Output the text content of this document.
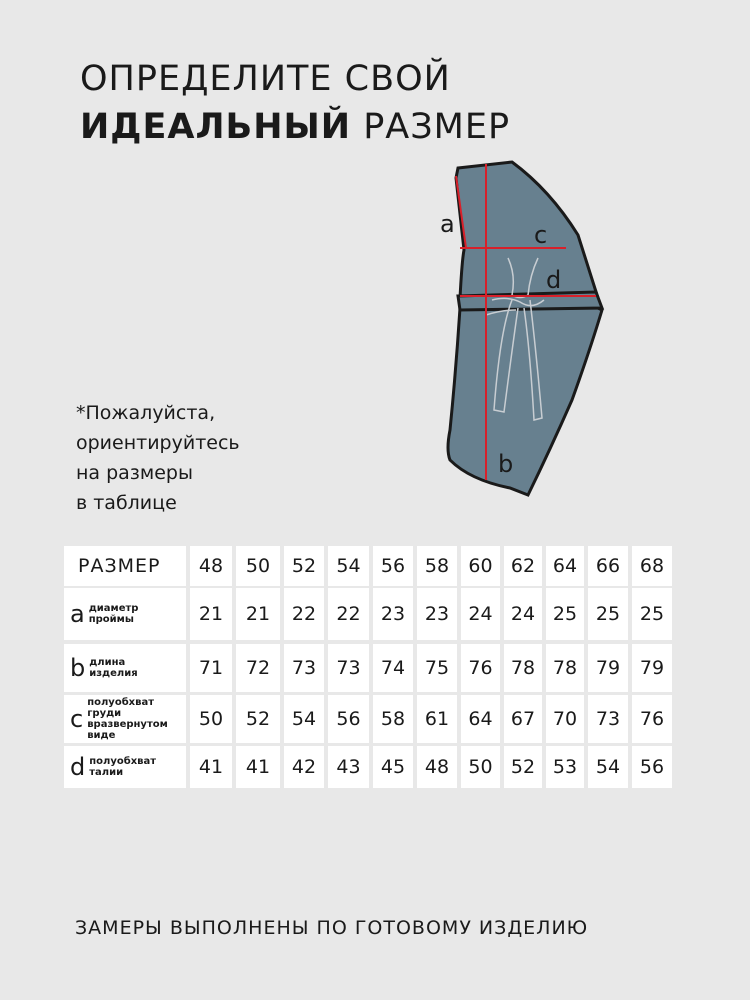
ОПРЕДЕЛИТЕ СВОЙ
ИДЕАЛЬНЫЙ РАЗМЕР
a	c
d
b
*Пожалуйста,
ориентируйтесь
на размеры
в таблице
РАЗМЕР	48	50	52	54	56	58	60 62 64 66	68
a диаметр
проймы	21	21	22	22	23	23	24 24 25 25	25
b длина
изделия	71	72	73	73	74	75	76 78 78 79	79
c
полуобхват
груди
вразвернутом
виде
50	52	54	56	58	61	64 67 70 73	76
d полуобхват
талии	41	41	42	43	45	48	50 52 53 54	56
ЗАМЕРЫ ВЫПОЛНЕНЫ ПО ГОТОВОМУ ИЗДЕЛИЮ
